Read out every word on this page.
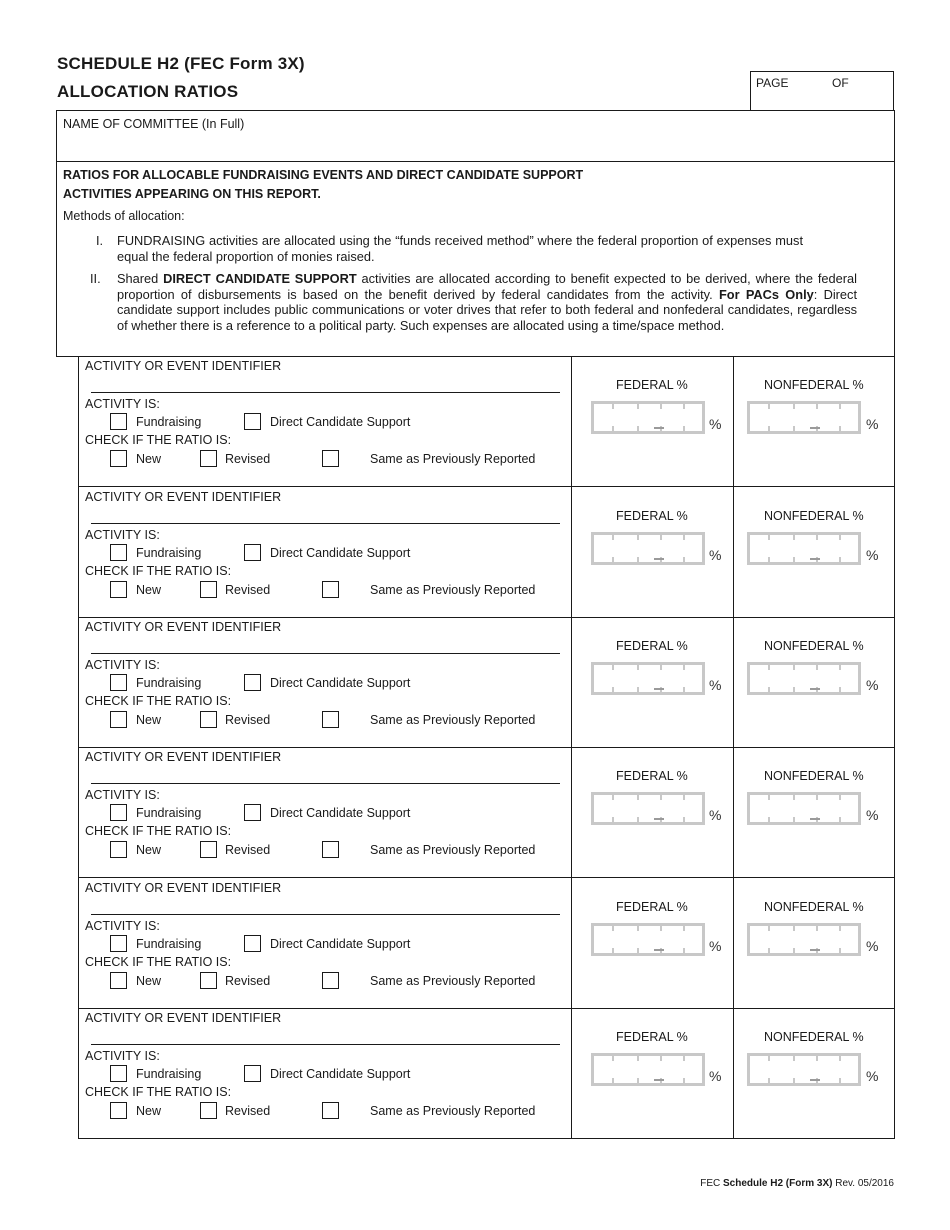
SCHEDULE H2 (FEC Form 3X)
ALLOCATION RATIOS	PAGE	OF
NAME OF COMMITTEE (In Full)
RATIOS FOR ALLOCABLE FUNDRAISING EVENTS AND DIRECT CANDIDATE SUPPORT
ACTIVITIES APPEARING ON THIS REPORT.
Methods of allocation:
I. FUNDRAISING activities are allocated using the “funds received method” where the federal proportion of expenses must equal the federal proportion of monies raised.
II. Shared DIRECT CANDIDATE SUPPORT activities are allocated according to benefit expected to be derived, where the federal proportion of disbursements is based on the benefit derived by federal candidates from the activity. For PACs Only: Direct candidate support includes public communications or voter drives that refer to both federal and nonfederal candidates, regardless of whether there is a reference to a political party. Such expenses are allocated using a time/space method.
ACTIVITY OR EVENT IDENTIFIER
ACTIVITY IS:
Fundraising	Direct Candidate Support
CHECK IF THE RATIO IS:
New	Revised	Same as Previously Reported
FEDERAL %
%
NONFEDERAL %
%
ACTIVITY OR EVENT IDENTIFIER
ACTIVITY IS:
Fundraising	Direct Candidate Support
CHECK IF THE RATIO IS:
New	Revised	Same as Previously Reported
FEDERAL %
%
NONFEDERAL %
%
ACTIVITY OR EVENT IDENTIFIER
ACTIVITY IS:
Fundraising	Direct Candidate Support
CHECK IF THE RATIO IS:
New	Revised	Same as Previously Reported
FEDERAL %
%
NONFEDERAL %
%
ACTIVITY OR EVENT IDENTIFIER
ACTIVITY IS:
Fundraising	Direct Candidate Support
CHECK IF THE RATIO IS:
New	Revised	Same as Previously Reported
FEDERAL %
%
NONFEDERAL %
%
ACTIVITY OR EVENT IDENTIFIER
ACTIVITY IS:
Fundraising	Direct Candidate Support
CHECK IF THE RATIO IS:
New	Revised	Same as Previously Reported
FEDERAL %
%
NONFEDERAL %
%
ACTIVITY OR EVENT IDENTIFIER
ACTIVITY IS:
Fundraising	Direct Candidate Support
CHECK IF THE RATIO IS:
New	Revised	Same as Previously Reported
FEDERAL %
%
NONFEDERAL %
%
FEC Schedule H2 (Form 3X) Rev. 05/2016
